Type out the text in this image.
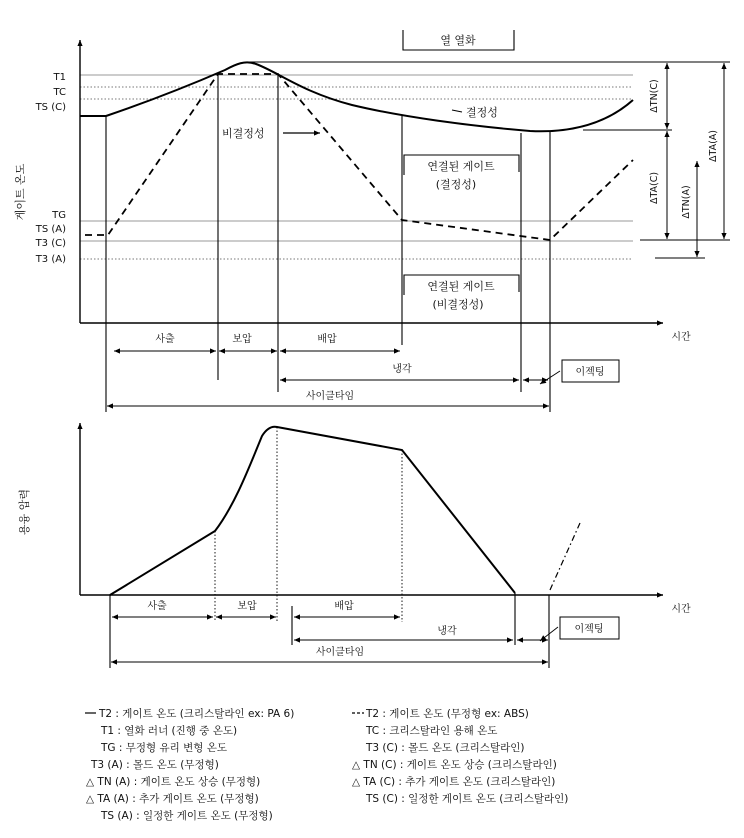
열 열화
게이트 온도
T1
TC
TS (C)
TG
TS (A)
T3 (C)
T3 (A)
ΔTN(C)
ΔTA(C) ΔTN(A)
ΔTA(A)
결정성
비결정성
연결된 게이트
(결정성)
연결된 게이트
(비결정성)
시간
사출	보압	배압
냉각
사이클타임
이젝팅
용융 압력
시간
사출	보압	배압
냉각
사이클타임
이젝팅
T2 : 게이트 온도 (크리스탈라인 ex: PA 6)
T1 : 열화 러너 (진행 중 온도)
TG : 무정형 유리 변형 온도
T3 (A) : 몰드 온도 (무정형)
△ TN (A) : 게이트 온도 상승 (무정형)
△ TA (A) : 추가 게이트 온도 (무정형)
TS (A) : 일정한 게이트 온도 (무정형)
T2 : 게이트 온도 (무정형 ex: ABS)
TC : 크리스탈라인 용해 온도
T3 (C) : 몰드 온도 (크리스탈라인)
△ TN (C) : 게이트 온도 상승 (크리스탈라인)
△ TA (C) : 추가 게이트 온도 (크리스탈라인)
TS (C) : 일정한 게이트 온도 (크리스탈라인)
